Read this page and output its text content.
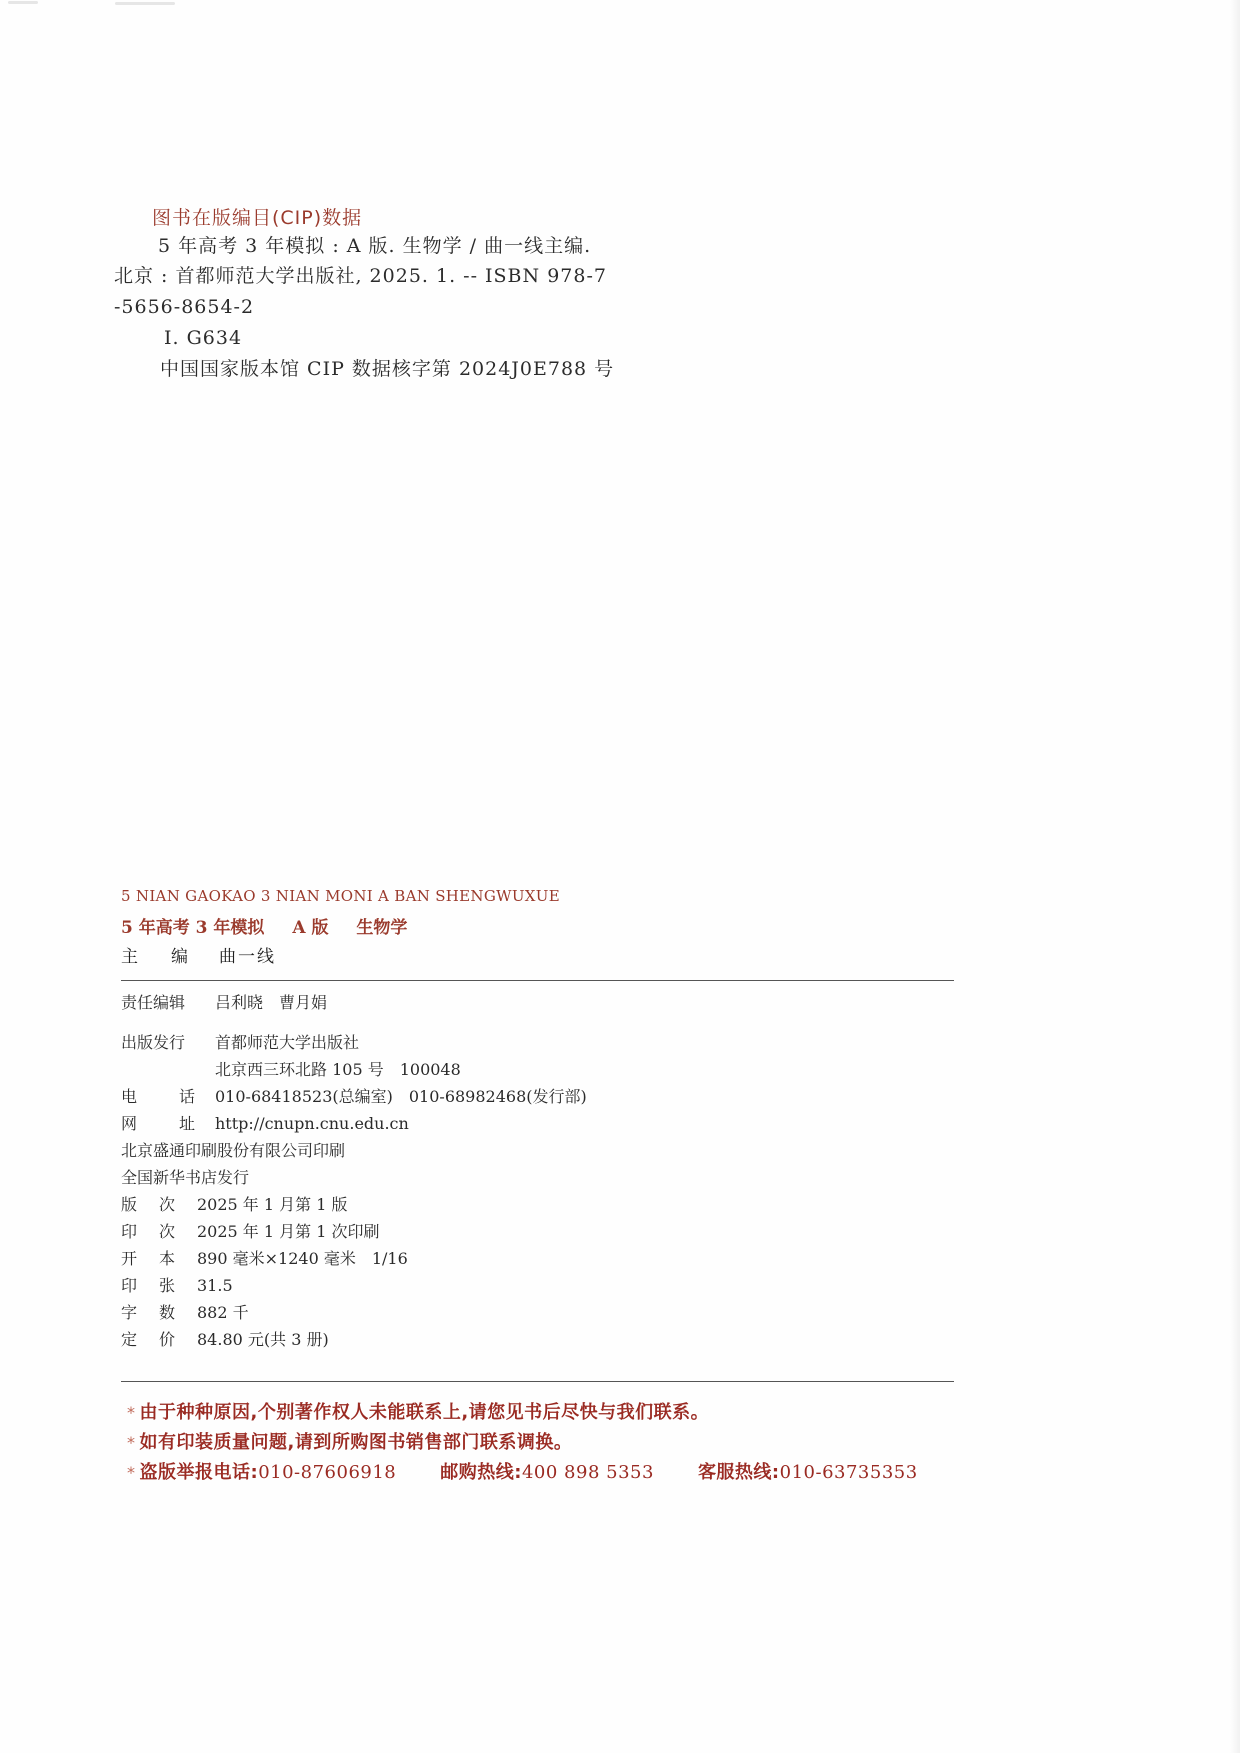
图书在版编目(CIP)数据
5 年高考 3 年模拟 : A 版. 生物学 / 曲一线主编.
北京 : 首都师范大学出版社, 2025. 1. -- ISBN 978-7
-5656-8654-2
Ⅰ. G634
中国国家版本馆 CIP 数据核字第 2024J0E788 号
5 NIAN GAOKAO 3 NIAN MONI A BAN SHENGWUXUE
5 年高考 3 年模拟 A 版 生物学
主 编 曲一线
责任编辑 吕利晓　曹月娟
出版发行 首都师范大学出版社
北京西三环北路 105 号　100048
电	话 010-68418523(总编室)　010-68982468(发行部)
网	址 http://cnupn.cnu.edu.cn
北京盛通印刷股份有限公司印刷
全国新华书店发行
版 次 2025 年 1 月第 1 版
印 次 2025 年 1 月第 1 次印刷
开 本 890 毫米×1240 毫米　1/16
印 张 31.5
字 数 882 千
定 价 84.80 元(共 3 册)
* 由于种种原因,个别著作权人未能联系上,请您见书后尽快与我们联系。
* 如有印装质量问题,请到所购图书销售部门联系调换。
* 盗版举报电话:010-87606918 邮购热线:400 898 5353 客服热线:010-63735353
